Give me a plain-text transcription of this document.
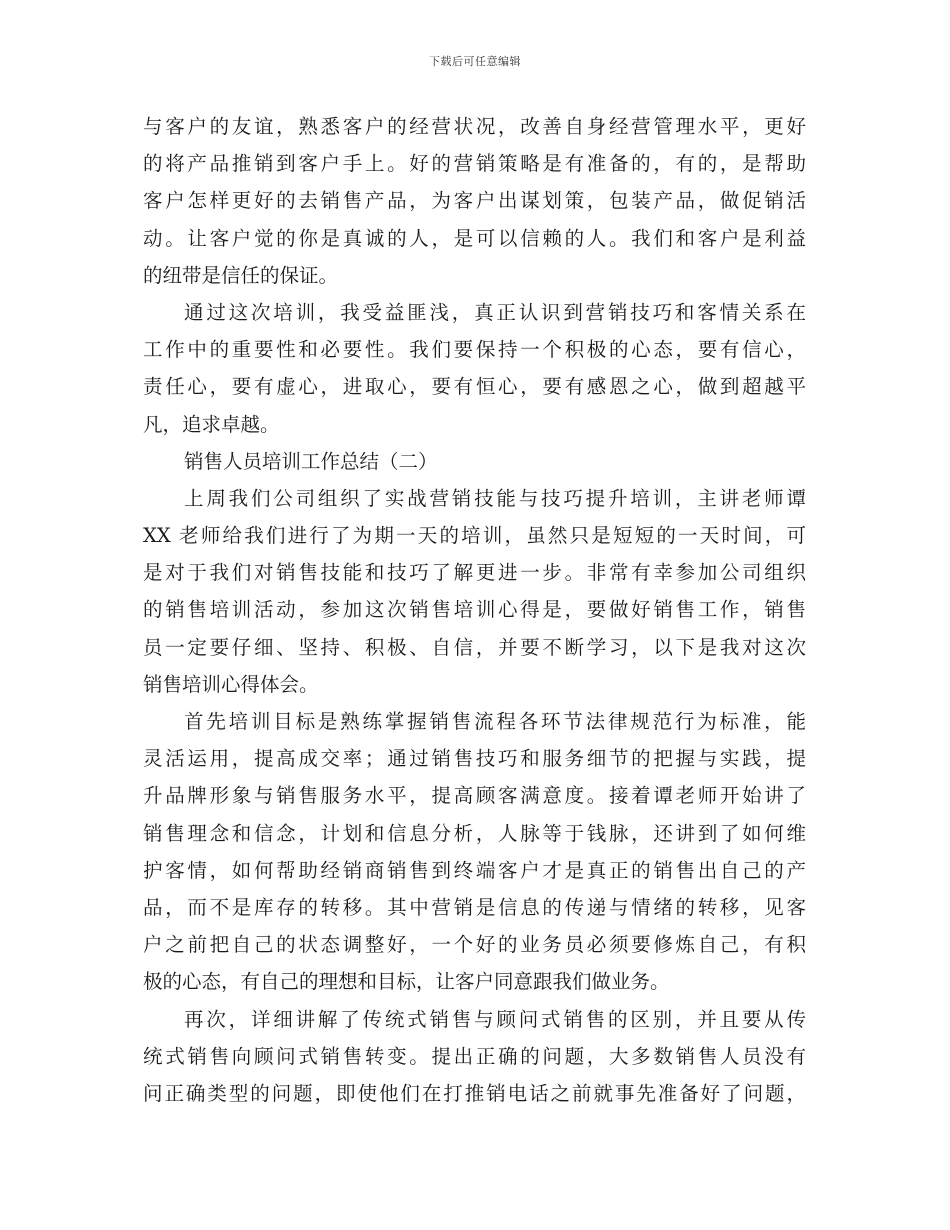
下载后可任意编辑
与客户的友谊，熟悉客户的经营状况，改善自身经营管理水平，更好
的将产品推销到客户手上。好的营销策略是有准备的，有的，是帮助
客户怎样更好的去销售产品，为客户出谋划策，包装产品，做促销活
动。让客户觉的你是真诚的人，是可以信赖的人。我们和客户是利益
的纽带是信任的保证。
通过这次培训，我受益匪浅，真正认识到营销技巧和客情关系在
工作中的重要性和必要性。我们要保持一个积极的心态，要有信心，
责任心，要有虚心，进取心，要有恒心，要有感恩之心，做到超越平
凡，追求卓越。
销售人员培训工作总结（二）
上周我们公司组织了实战营销技能与技巧提升培训，主讲老师谭
XX 老师给我们进行了为期一天的培训，虽然只是短短的一天时间，可
是对于我们对销售技能和技巧了解更进一步。非常有幸参加公司组织
的销售培训活动，参加这次销售培训心得是，要做好销售工作，销售
员一定要仔细、坚持、积极、自信，并要不断学习，以下是我对这次
销售培训心得体会。
首先培训目标是熟练掌握销售流程各环节法律规范行为标准，能
灵活运用，提高成交率；通过销售技巧和服务细节的把握与实践，提
升品牌形象与销售服务水平，提高顾客满意度。接着谭老师开始讲了
销售理念和信念，计划和信息分析，人脉等于钱脉，还讲到了如何维
护客情，如何帮助经销商销售到终端客户才是真正的销售出自己的产
品，而不是库存的转移。其中营销是信息的传递与情绪的转移，见客
户之前把自己的状态调整好，一个好的业务员必须要修炼自己，有积
极的心态，有自己的理想和目标，让客户同意跟我们做业务。
再次，详细讲解了传统式销售与顾问式销售的区别，并且要从传
统式销售向顾问式销售转变。提出正确的问题，大多数销售人员没有
问正确类型的问题，即使他们在打推销电话之前就事先准备好了问题，
